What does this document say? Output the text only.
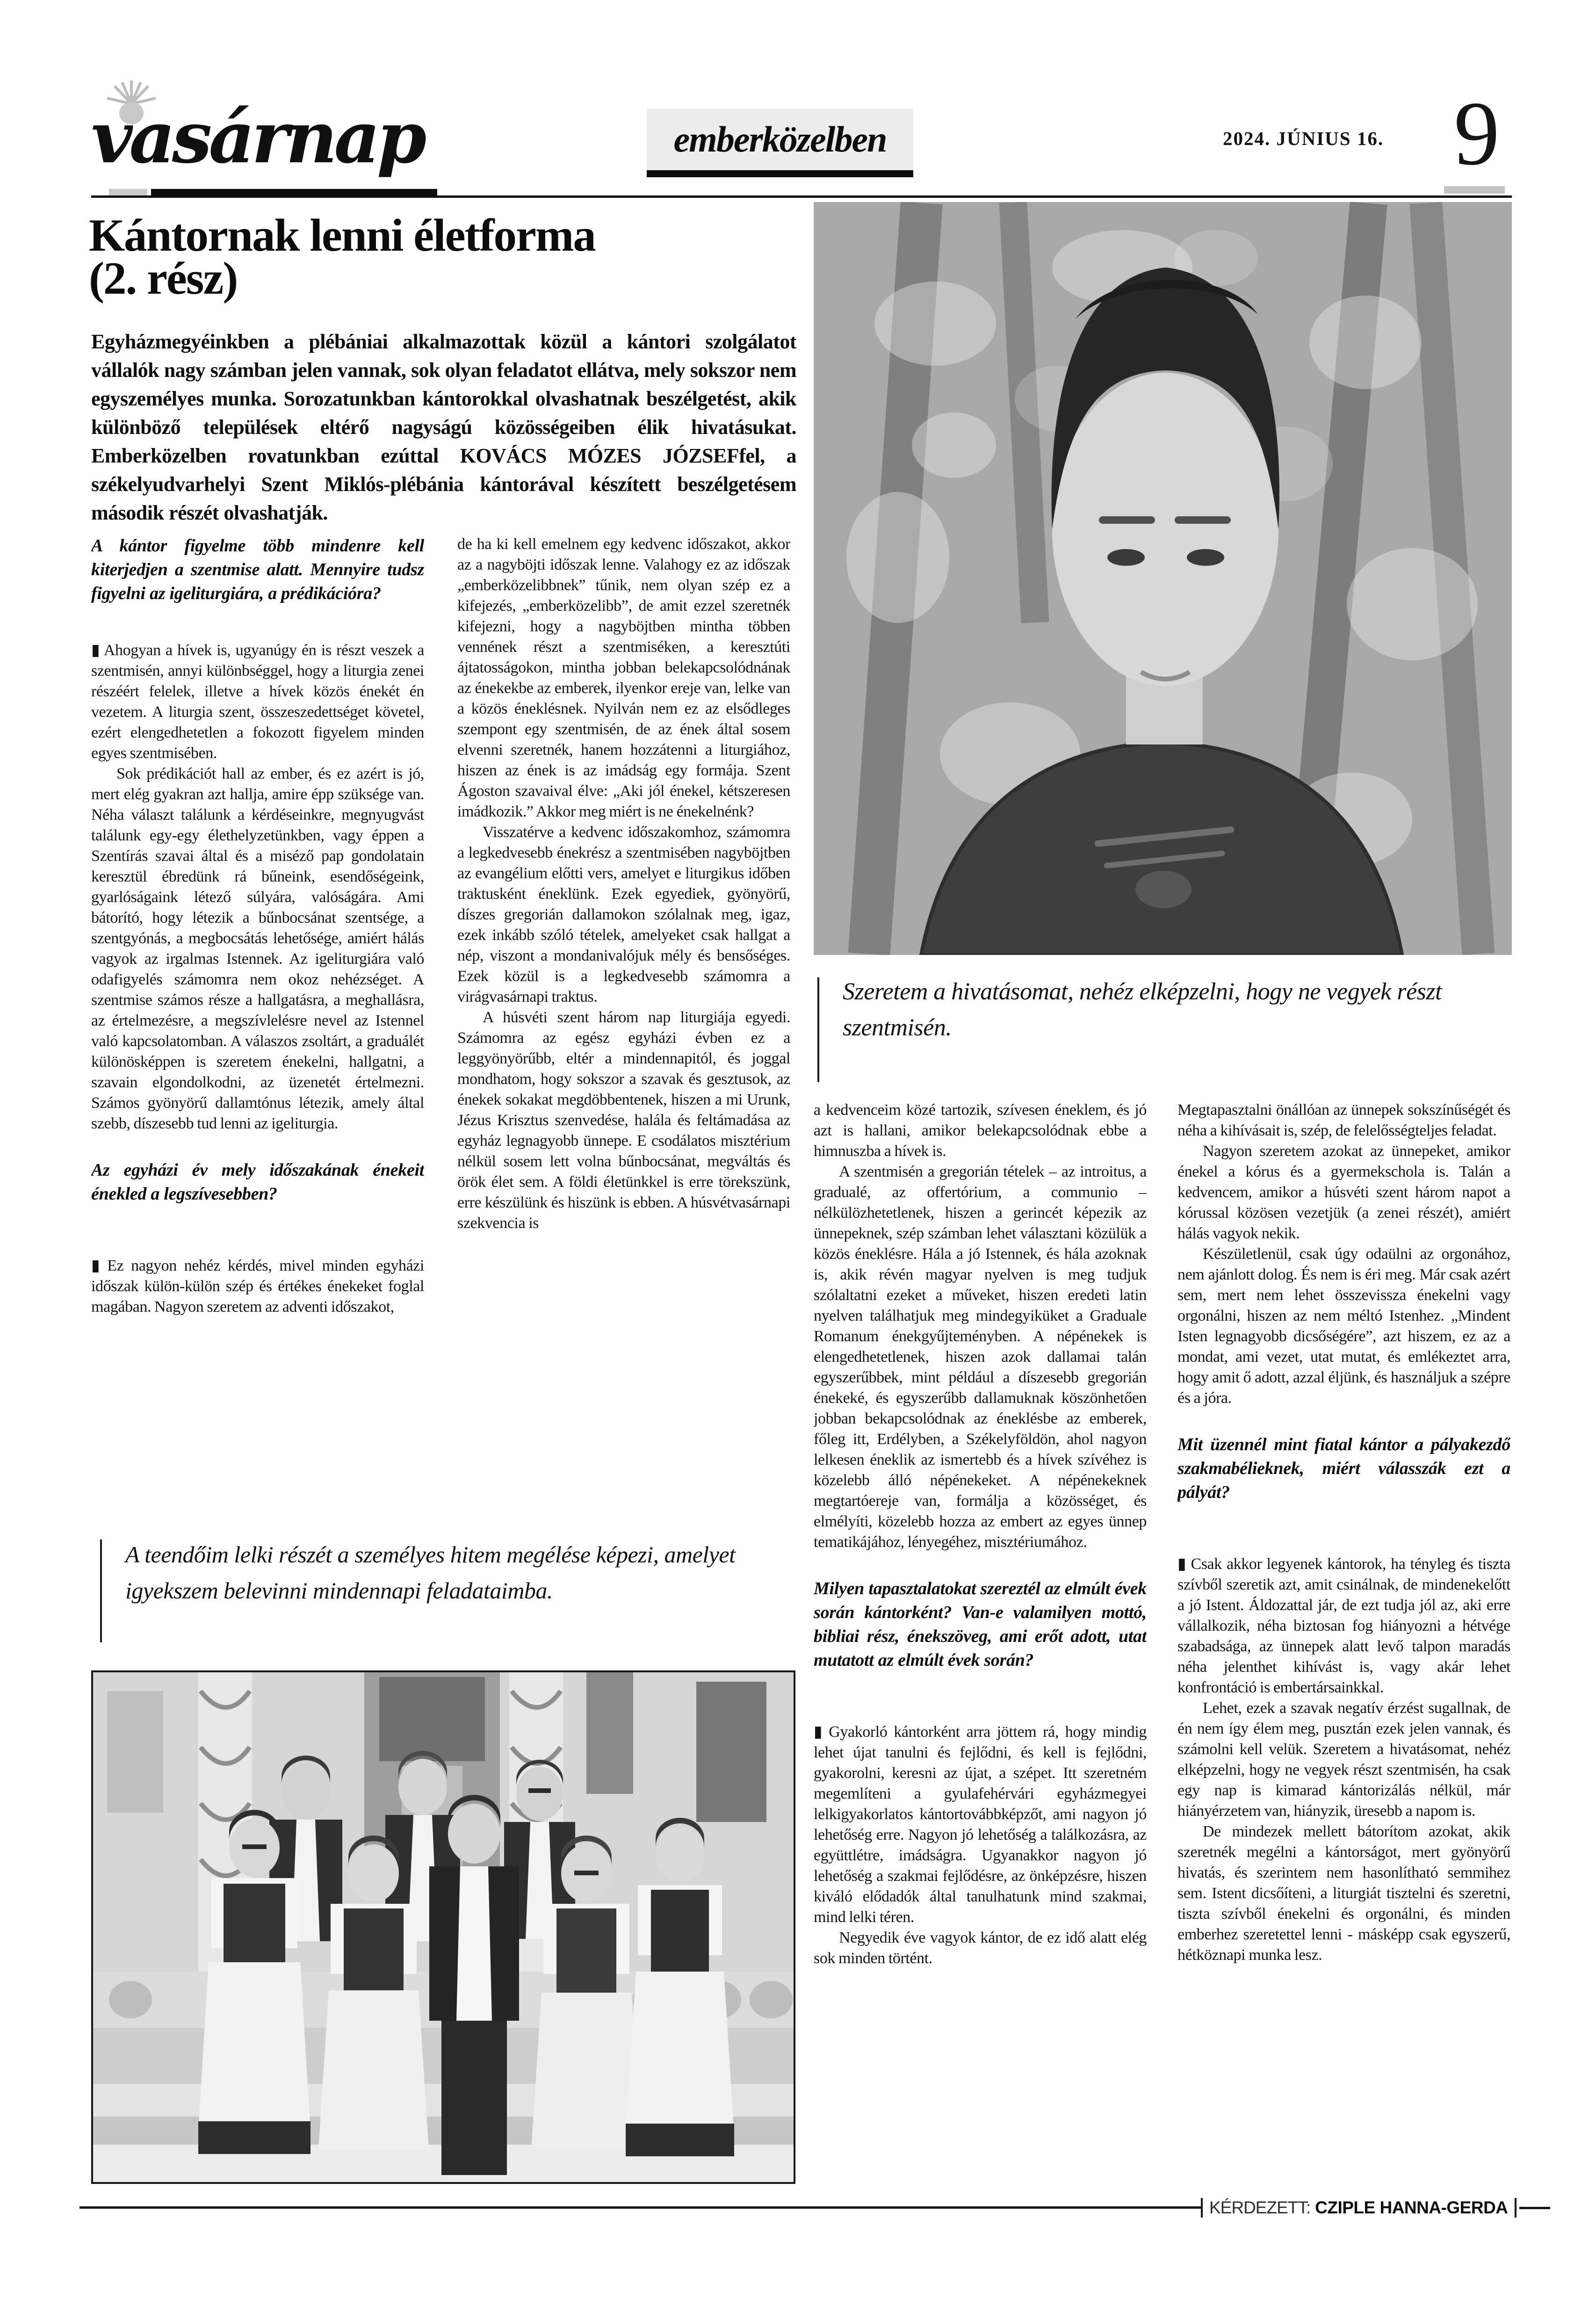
vasárnap	emberközelben	2024. JÚNIUS 16. 9
Kántornak lenni életforma
(2. rész)
Egyházmegyéinkben a plébániai alkalmazottak közül a kántori szolgálatot vállalók nagy számban jelen vannak, sok olyan feladatot ellátva, mely sokszor nem egyszemélyes munka. Sorozatunkban kántorokkal olvashatnak beszélgetést, akik különböző települések eltérő nagyságú közösségeiben élik hivatásukat. Emberközelben rovatunkban ezúttal KOVÁCS MÓZES JÓZSEFfel, a székelyudvarhelyi Szent Miklós-plébánia kántorával készített beszélgetésem második részét olvashatják.
Szeretem a hivatásomat, nehéz elképzelni, hogy ne vegyek részt szentmisén.

A kántor figyelme több mindenre kell kiterjedjen a szentmise alatt. Mennyire tudsz figyelni az igeliturgiára, a prédikációra?

▮ Ahogyan a hívek is, ugyanúgy én is részt veszek a szentmisén, annyi különbséggel, hogy a liturgia zenei részéért felelek, illetve a hívek közös énekét én vezetem. A liturgia szent, összeszedettséget követel, ezért elengedhetetlen a fokozott figyelem minden egyes szentmisében.

Sok prédikációt hall az ember, és ez azért is jó, mert elég gyakran azt hallja, amire épp szüksége van. Néha választ találunk a kérdéseinkre, megnyugvást találunk egy-egy élethelyzetünkben, vagy éppen a Szentírás szavai által és a miséző pap gondolatain keresztül ébredünk rá bűneink, esendőségeink, gyarlóságaink létező súlyára, valóságára. Ami bátorító, hogy létezik a bűnbocsánat szentsége, a szentgyónás, a megbocsátás lehetősége, amiért hálás vagyok az irgalmas Istennek. Az igeliturgiára való odafigyelés számomra nem okoz nehézséget. A szentmise számos része a hallgatásra, a meghallásra, az értelmezésre, a megszívlelésre nevel az Istennel való kapcsolatomban. A válaszos zsoltárt, a graduálét különösképpen is szeretem énekelni, hallgatni, a szavain elgondolkodni, az üzenetét értelmezni. Számos gyönyörű dallamtónus létezik, amely által szebb, díszesebb tud lenni az igeliturgia.

Az egyházi év mely időszakának énekeit énekled a legszívesebben?

▮ Ez nagyon nehéz kérdés, mivel minden egyházi időszak külön-külön szép és értékes énekeket foglal magában. Nagyon szeretem az adventi időszakot,

de ha ki kell emelnem egy kedvenc időszakot, akkor az a nagyböjti időszak lenne. Valahogy ez az időszak „emberközelibbnek” tűnik, nem olyan szép ez a kifejezés, „emberközelibb”, de amit ezzel szeretnék kifejezni, hogy a nagyböjtben mintha többen vennének részt a szentmiséken, a keresztúti ájtatosságokon, mintha jobban belekapcsolódnának az énekekbe az emberek, ilyenkor ereje van, lelke van a közös éneklésnek. Nyilván nem ez az elsődleges szempont egy szentmisén, de az ének által sosem elvenni szeretnék, hanem hozzátenni a liturgiához, hiszen az ének is az imádság egy formája. Szent Ágoston szavaival élve: „Aki jól énekel, kétszeresen imádkozik.” Akkor meg miért is ne énekelnénk?

Visszatérve a kedvenc időszakomhoz, számomra a legkedvesebb énekrész a szentmisében nagyböjtben az evangélium előtti vers, amelyet e liturgikus időben traktusként éneklünk. Ezek egyediek, gyönyörű, díszes gregorián dallamokon szólalnak meg, igaz, ezek inkább szóló tételek, amelyeket csak hallgat a nép, viszont a mondanivalójuk mély és bensőséges. Ezek közül is a legkedvesebb számomra a virágvasárnapi traktus.

A húsvéti szent három nap liturgiája egyedi. Számomra az egész egyházi évben ez a leggyönyörűbb, eltér a mindennapitól, és joggal mondhatom, hogy sokszor a szavak és gesztusok, az énekek sokakat megdöbbentenek, hiszen a mi Urunk, Jézus Krisztus szenvedése, halála és feltámadása az egyház legnagyobb ünnepe. E csodálatos misztérium nélkül sosem lett volna bűnbocsánat, megváltás és örök élet sem. A földi életünkkel is erre törekszünk, erre készülünk és hiszünk is ebben. A húsvétvasárnapi szekvencia is

a kedvenceim közé tartozik, szívesen éneklem, és jó azt is hallani, amikor belekapcsolódnak ebbe a himnuszba a hívek is.

A szentmisén a gregorián tételek – az introitus, a gradualé, az offertórium, a communio – nélkülözhetetlenek, hiszen a gerincét képezik az ünnepeknek, szép számban lehet választani közülük a közös éneklésre. Hála a jó Istennek, és hála azoknak is, akik révén magyar nyelven is meg tudjuk szólaltatni ezeket a műveket, hiszen eredeti latin nyelven találhatjuk meg mindegyiküket a Graduale Romanum énekgyűjteményben. A népénekek is elengedhetetlenek, hiszen azok dallamai talán egyszerűbbek, mint például a díszesebb gregorián énekeké, és egyszerűbb dallamuknak köszönhetően jobban bekapcsolódnak az éneklésbe az emberek, főleg itt, Erdélyben, a Székelyföldön, ahol nagyon lelkesen éneklik az ismertebb és a hívek szívéhez is közelebb álló népénekeket. A népénekeknek megtartóereje van, formálja a közösséget, és elmélyíti, közelebb hozza az embert az egyes ünnep tematikájához, lényegéhez, misztériumához.

Milyen tapasztalatokat szereztél az elmúlt évek során kántorként? Van-e valamilyen mottó, bibliai rész, énekszöveg, ami erőt adott, utat mutatott az elmúlt évek során?

▮ Gyakorló kántorként arra jöttem rá, hogy mindig lehet újat tanulni és fejlődni, és kell is fejlődni, gyakorolni, keresni az újat, a szépet. Itt szeretném megemlíteni a gyulafehérvári egyházmegyei lelkigyakorlatos kántortovábbképzőt, ami nagyon jó lehetőség erre. Nagyon jó lehetőség a találkozásra, az együttlétre, imádságra. Ugyanakkor nagyon jó lehetőség a szakmai fejlődésre, az önképzésre, hiszen kiváló elődadók által tanulhatunk mind szakmai, mind lelki téren.

Negyedik éve vagyok kántor, de ez idő alatt elég sok minden történt.

Megtapasztalni önállóan az ünnepek sokszínűségét és néha a kihívásait is, szép, de felelősségteljes feladat.

Nagyon szeretem azokat az ünnepeket, amikor énekel a kórus és a gyermekschola is. Talán a kedvencem, amikor a húsvéti szent három napot a kórussal közösen vezetjük (a zenei részét), amiért hálás vagyok nekik.

Készületlenül, csak úgy odaülni az orgonához, nem ajánlott dolog. És nem is éri meg. Már csak azért sem, mert nem lehet összevissza énekelni vagy orgonálni, hiszen az nem méltó Istenhez. „Mindent Isten legnagyobb dicsőségére”, azt hiszem, ez az a mondat, ami vezet, utat mutat, és emlékeztet arra, hogy amit ő adott, azzal éljünk, és használjuk a szépre és a jóra.

Mit üzennél mint fiatal kántor a pályakezdő szakmabélieknek, miért válasszák ezt a pályát?

▮ Csak akkor legyenek kántorok, ha tényleg és tiszta szívből szeretik azt, amit csinálnak, de mindenekelőtt a jó Istent. Áldozattal jár, de ezt tudja jól az, aki erre vállalkozik, néha biztosan fog hiányozni a hétvége szabadsága, az ünnepek alatt levő talpon maradás néha jelenthet kihívást is, vagy akár lehet konfrontáció is embertársainkkal.

Lehet, ezek a szavak negatív érzést sugallnak, de én nem így élem meg, pusztán ezek jelen vannak, és számolni kell velük. Szeretem a hivatásomat, nehéz elképzelni, hogy ne vegyek részt szentmisén, ha csak egy nap is kimarad kántorizálás nélkül, már hiányérzetem van, hiányzik, üresebb a napom is.

De mindezek mellett bátorítom azokat, akik szeretnék megélni a kántorságot, mert gyönyörű hivatás, és szerintem nem hasonlítható semmihez sem. Istent dicsőíteni, a liturgiát tisztelni és szeretni, tiszta szívből énekelni és orgonálni, és minden emberhez szeretettel lenni - másképp csak egyszerű, hétköznapi munka lesz.

A teendőim lelki részét a személyes hitem megélése képezi, amelyet igyekszem belevinni mindennapi feladataimba.
KÉRDEZETT: CZIPLE HANNA-GERDA
